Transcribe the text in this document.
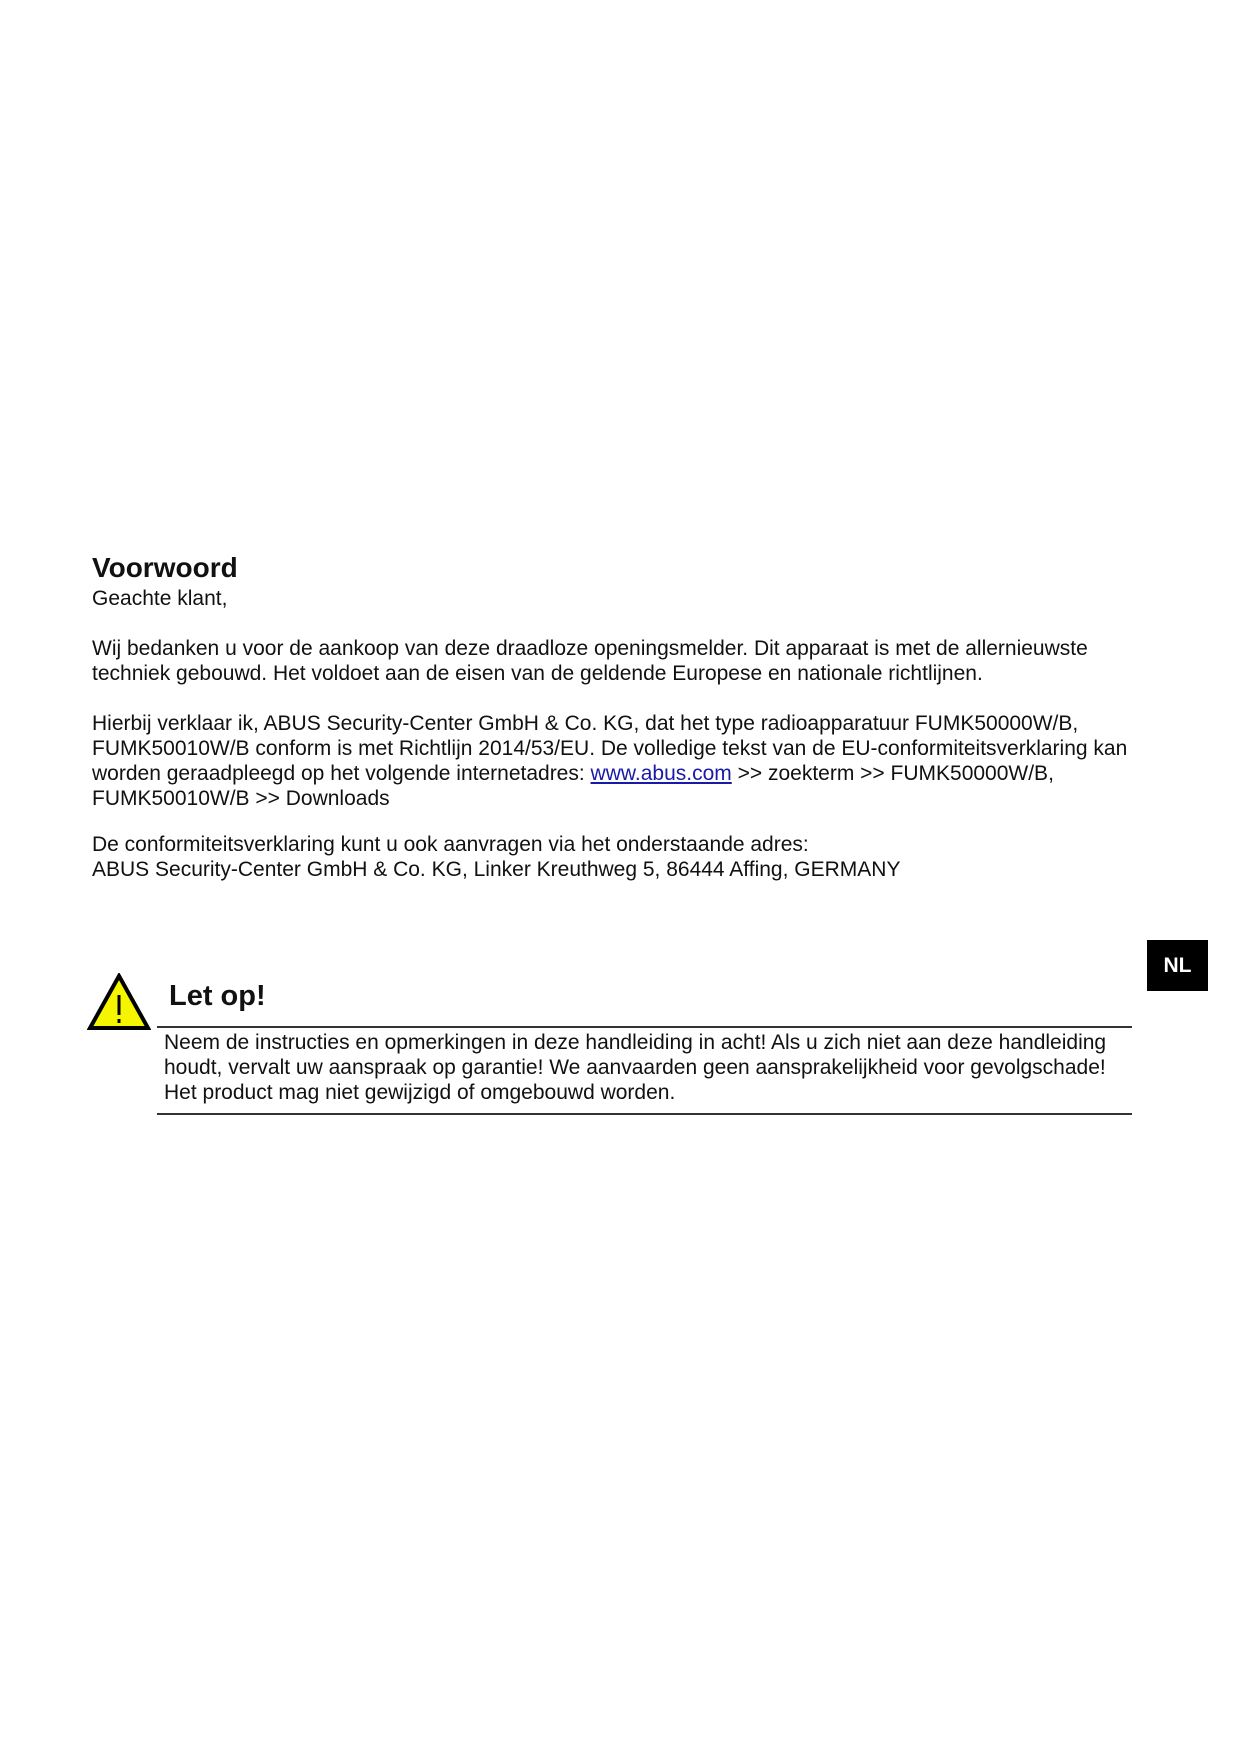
Voorwoord

Geachte klant,

Wij bedanken u voor de aankoop van deze draadloze openingsmelder. Dit apparaat is met de allernieuwste techniek gebouwd. Het voldoet aan de eisen van de geldende Europese en nationale richtlijnen.

Hierbij verklaar ik, ABUS Security-Center GmbH & Co. KG, dat het type radioapparatuur FUMK50000W/B, FUMK50010W/B conform is met Richtlijn 2014/53/EU. De volledige tekst van de EU-conformiteitsverklaring kan worden geraadpleegd op het volgende internetadres: www.abus.com >> zoekterm >> FUMK50000W/B, FUMK50010W/B >> Downloads

De conformiteitsverklaring kunt u ook aanvragen via het onderstaande adres:

ABUS Security-Center GmbH & Co. KG, Linker Kreuthweg 5, 86444 Affing, GERMANY

NL
Let op!

Neem de instructies en opmerkingen in deze handleiding in acht! Als u zich niet aan deze handleiding houdt, vervalt uw aanspraak op garantie! We aanvaarden geen aansprakelijkheid voor gevolgschade!

Het product mag niet gewijzigd of omgebouwd worden.
